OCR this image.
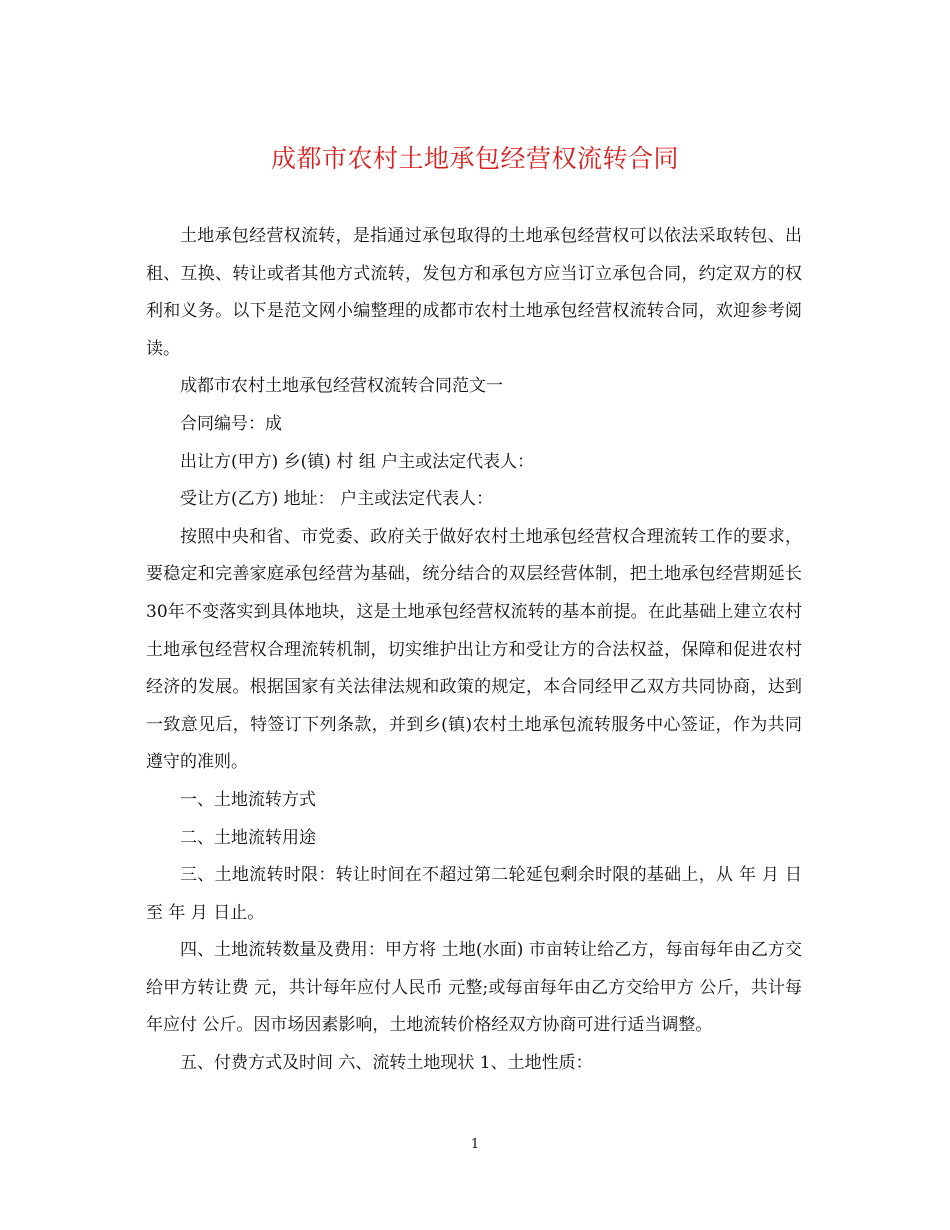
成都市农村土地承包经营权流转合同

土地承包经营权流转，是指通过承包取得的土地承包经营权可以依法采取转包、出租、互换、转让或者其他方式流转，发包方和承包方应当订立承包合同，约定双方的权利和义务。以下是范文网小编整理的成都市农村土地承包经营权流转合同，欢迎参考阅读。

成都市农村土地承包经营权流转合同范文一

合同编号：成

出让方(甲方) 乡(镇) 村 组 户主或法定代表人：

受让方(乙方) 地址： 户主或法定代表人：

按照中央和省、市党委、政府关于做好农村土地承包经营权合理流转工作的要求，要稳定和完善家庭承包经营为基础，统分结合的双层经营体制，把土地承包经营期延长30年不变落实到具体地块，这是土地承包经营权流转的基本前提。在此基础上建立农村土地承包经营权合理流转机制，切实维护出让方和受让方的合法权益，保障和促进农村经济的发展。根据国家有关法律法规和政策的规定，本合同经甲乙双方共同协商，达到一致意见后，特签订下列条款，并到乡(镇)农村土地承包流转服务中心签证，作为共同遵守的准则。

一、土地流转方式

二、土地流转用途

三、土地流转时限：转让时间在不超过第二轮延包剩余时限的基础上，从 年 月 日至 年 月 日止。

四、土地流转数量及费用：甲方将 土地(水面) 市亩转让给乙方，每亩每年由乙方交给甲方转让费 元，共计每年应付人民币 元整;或每亩每年由乙方交给甲方 公斤，共计每年应付 公斤。因市场因素影响，土地流转价格经双方协商可进行适当调整。

五、付费方式及时间 六、流转土地现状 1、土地性质：

1
